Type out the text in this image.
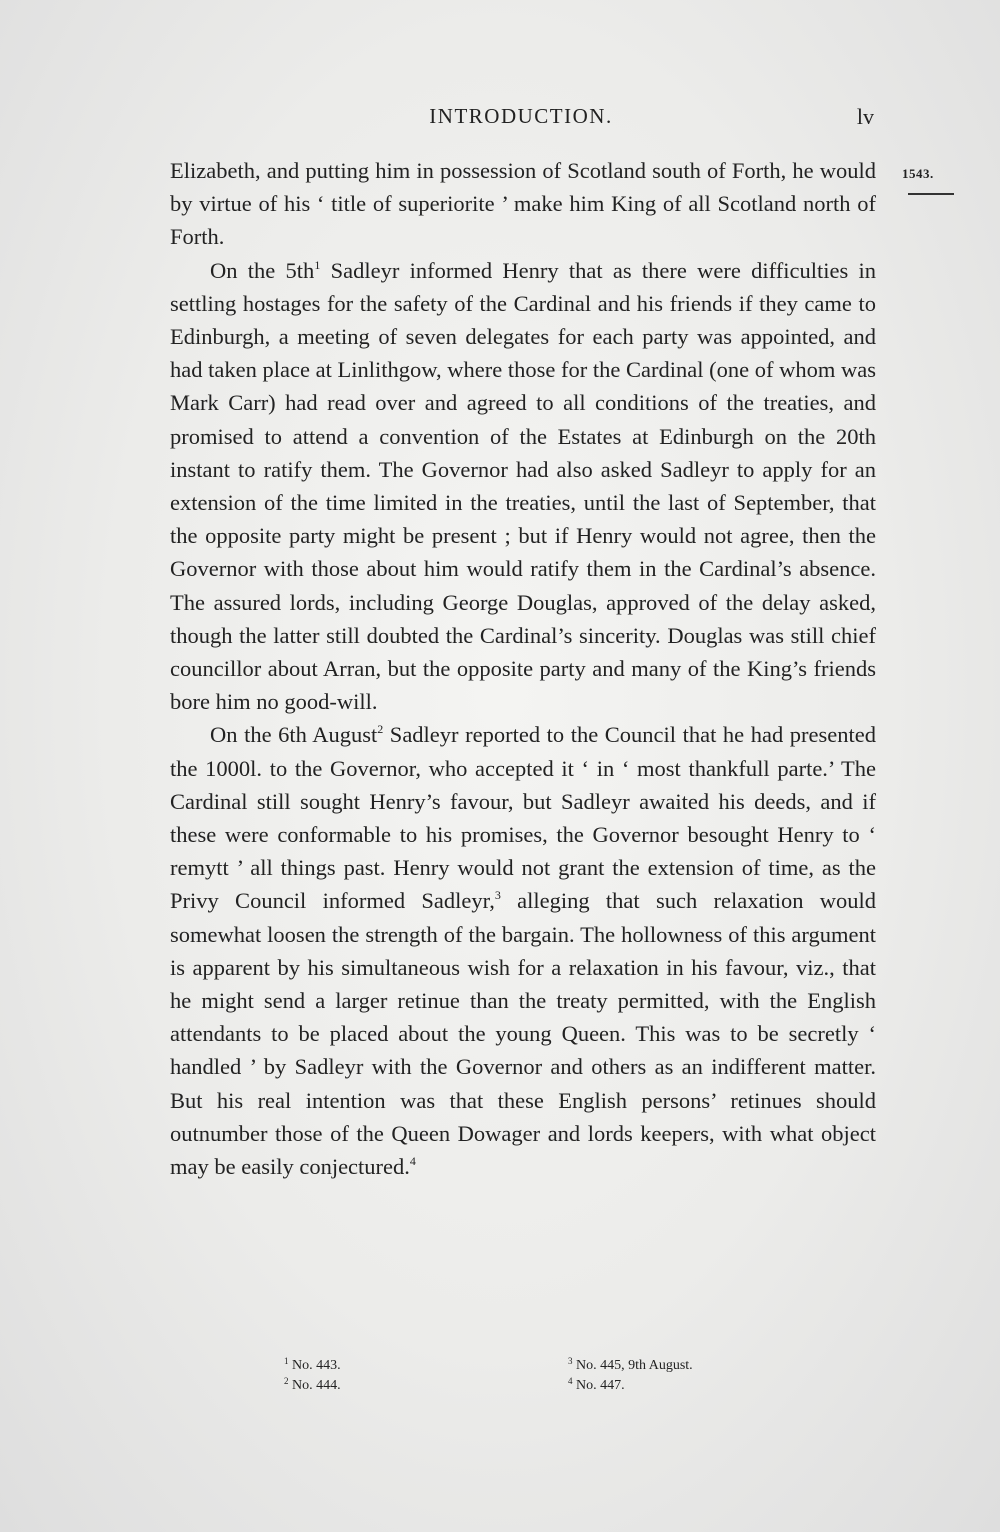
INTRODUCTION.	lv
1543.

Elizabeth, and putting him in possession of Scotland south of Forth, he would by virtue of his ‘ title of superiorite ’ make him King of all Scotland north of Forth.

On the $5th^1$ Sadleyr informed Henry that as there were difficulties in settling hostages for the safety of the Cardinal and his friends if they came to Edinburgh, a meeting of seven delegates for each party was appointed, and had taken place at Linlithgow, where those for the Cardinal (one of whom was Mark Carr) had read over and agreed to all conditions of the treaties, and promised to attend a convention of the Estates at Edinburgh on the 20th instant to ratify them. The Governor had also asked Sadleyr to apply for an extension of the time limited in the treaties, until the last of September, that the opposite party might be present ; but if Henry would not agree, then the Governor with those about him would ratify them in the Cardinal’s absence. The assured lords, including George Douglas, approved of the delay asked, though the latter still doubted the Cardinal’s sincerity. Douglas was still chief councillor about Arran, but the opposite party and many of the King’s friends bore him no good-will.

On the 6th August$^2$ Sadleyr reported to the Council that he had presented the 1000l. to the Governor, who accepted it ‘ in ‘ most thankfull parte.’ The Cardinal still sought Henry’s favour, but Sadleyr awaited his deeds, and if these were conformable to his promises, the Governor besought Henry to ‘ remytt ’ all things past. Henry would not grant the extension of time, as the Privy Council informed Sadleyr,$^3$ alleging that such relaxation would somewhat loosen the strength of the bargain. The hollowness of this argument is apparent by his simultaneous wish for a relaxation in his favour, viz., that he might send a larger retinue than the treaty permitted, with the English attendants to be placed about the young Queen. This was to be secretly ‘ handled ’ by Sadleyr with the Governor and others as an indifferent matter. But his real intention was that these English persons’ retinues should outnumber those of the Queen Dowager and lords keepers, with what object may be easily conjectured.$^4$

$^1$ No. 443.
$^2$ No. 444.
$^3$ No. 445, 9th August.
$^4$ No. 447.
